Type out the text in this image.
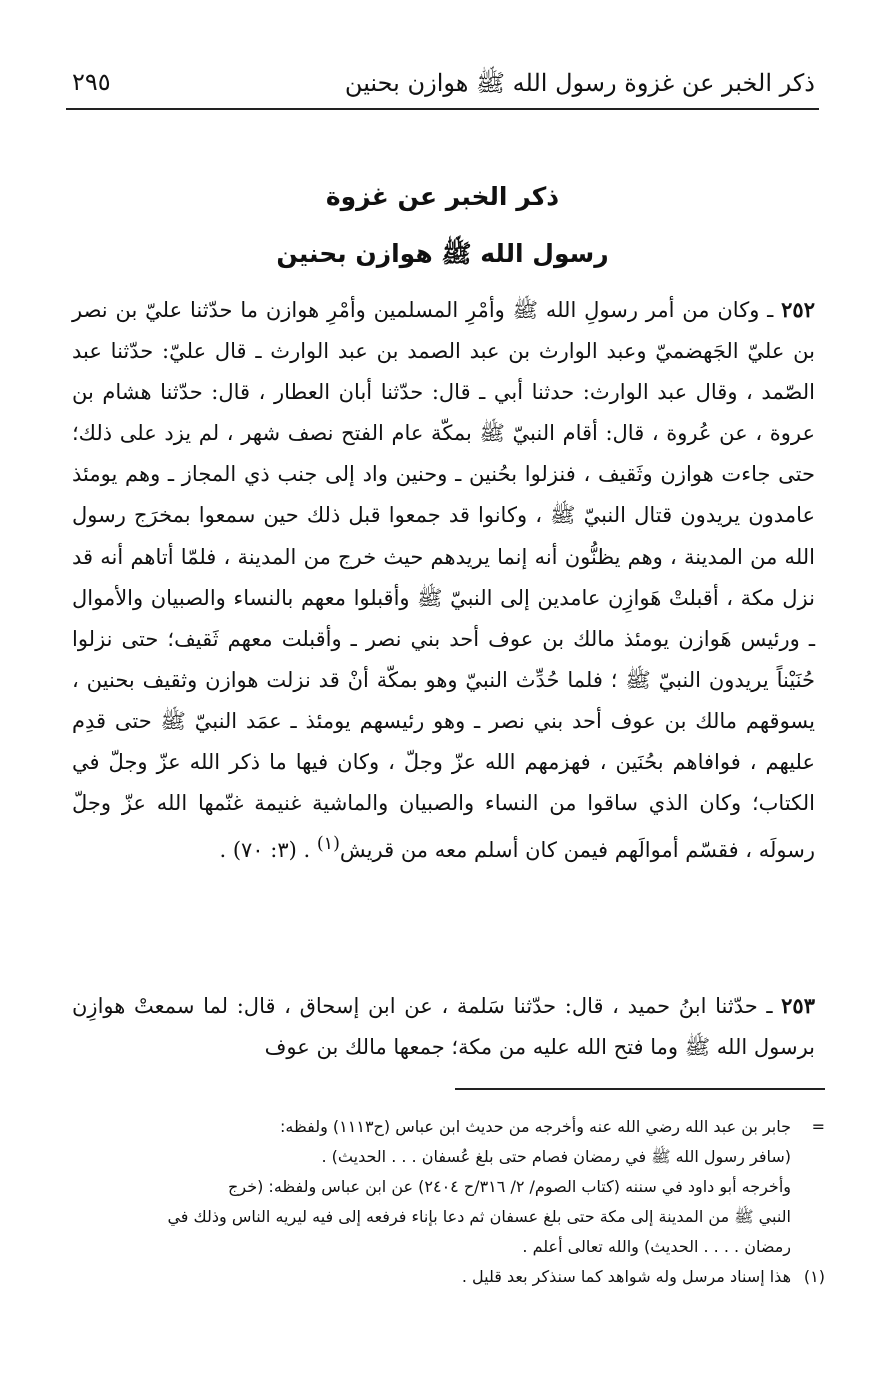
ذكر الخبر عن غزوة رسول الله ﷺ هوازن بحنين
٢٩٥
ذكر الخبر عن غزوة
رسول الله ﷺ هوازن بحنين

٢٥٢ ـ وكان من أمر رسولِ الله ﷺ وأمْرِ المسلمين وأمْرِ هوازن ما حدّثنا عليّ بن نصر بن عليّ الجَهضميّ وعبد الوارث بن عبد الصمد بن عبد الوارث ـ قال عليّ: حدّثنا عبد الصّمد ، وقال عبد الوارث: حدثنا أبي ـ قال: حدّثنا أبان العطار ، قال: حدّثنا هشام بن عروة ، عن عُروة ، قال: أقام النبيّ ﷺ بمكّة عام الفتح نصف شهر ، لم يزد على ذلك؛ حتى جاءت هوازن وثَقيف ، فنزلوا بحُنين ـ وحنين واد إلى جنب ذي المجاز ـ وهم يومئذ عامدون يريدون قتال النبيّ ﷺ ، وكانوا قد جمعوا قبل ذلك حين سمعوا بمخرَج رسول الله من المدينة ، وهم يظنُّون أنه إنما يريدهم حيث خرج من المدينة ، فلمّا أتاهم أنه قد نزل مكة ، أقبلتْ هَوازِن عامدين إلى النبيّ ﷺ وأقبلوا معهم بالنساء والصبيان والأموال ـ ورئيس هَوازن يومئذ مالك بن عوف أحد بني نصر ـ وأقبلت معهم ثَقيف؛ حتى نزلوا حُنَيْناً يريدون النبيّ ﷺ ؛ فلما حُدِّث النبيّ وهو بمكّة أنْ قد نزلت هوازن وثقيف بحنين ، يسوقهم مالك بن عوف أحد بني نصر ـ وهو رئيسهم يومئذ ـ عمَد النبيّ ﷺ حتى قدِم عليهم ، فوافاهم بحُنَين ، فهزمهم الله عزّ وجلّ ، وكان فيها ما ذكر الله عزّ وجلّ في الكتاب؛ وكان الذي ساقوا من النساء والصبيان والماشية غنيمة غنّمها الله عزّ وجلّ رسولَه ، فقسّم أموالَهم فيمن كان أسلم معه من قريش$^{(١)}$ . (٣: ٧٠) .

٢٥٣ ـ حدّثنا ابنُ حميد ، قال: حدّثنا سَلمة ، عن ابن إسحاق ، قال: لما سمعتْ هوازِن برسول الله ﷺ وما فتح الله عليه من مكة؛ جمعها مالك بن عوف

=
جابر بن عبد الله رضي الله عنه وأخرجه من حديث ابن عباس (ح١١١٣) ولفظه:
(سافر رسول الله ﷺ في رمضان فصام حتى بلغ عُسفان . . . الحديث) .
وأخرجه أبو داود في سننه (كتاب الصوم/ ٢/ ٣١٦/ح ٢٤٠٤) عن ابن عباس ولفظه: (خرج
النبي ﷺ من المدينة إلى مكة حتى بلغ عسفان ثم دعا بإناء فرفعه إلى فيه ليريه الناس وذلك في
رمضان . . . . الحديث) والله تعالى أعلم .
(١)
هذا إسناد مرسل وله شواهد كما سنذكر بعد قليل .
